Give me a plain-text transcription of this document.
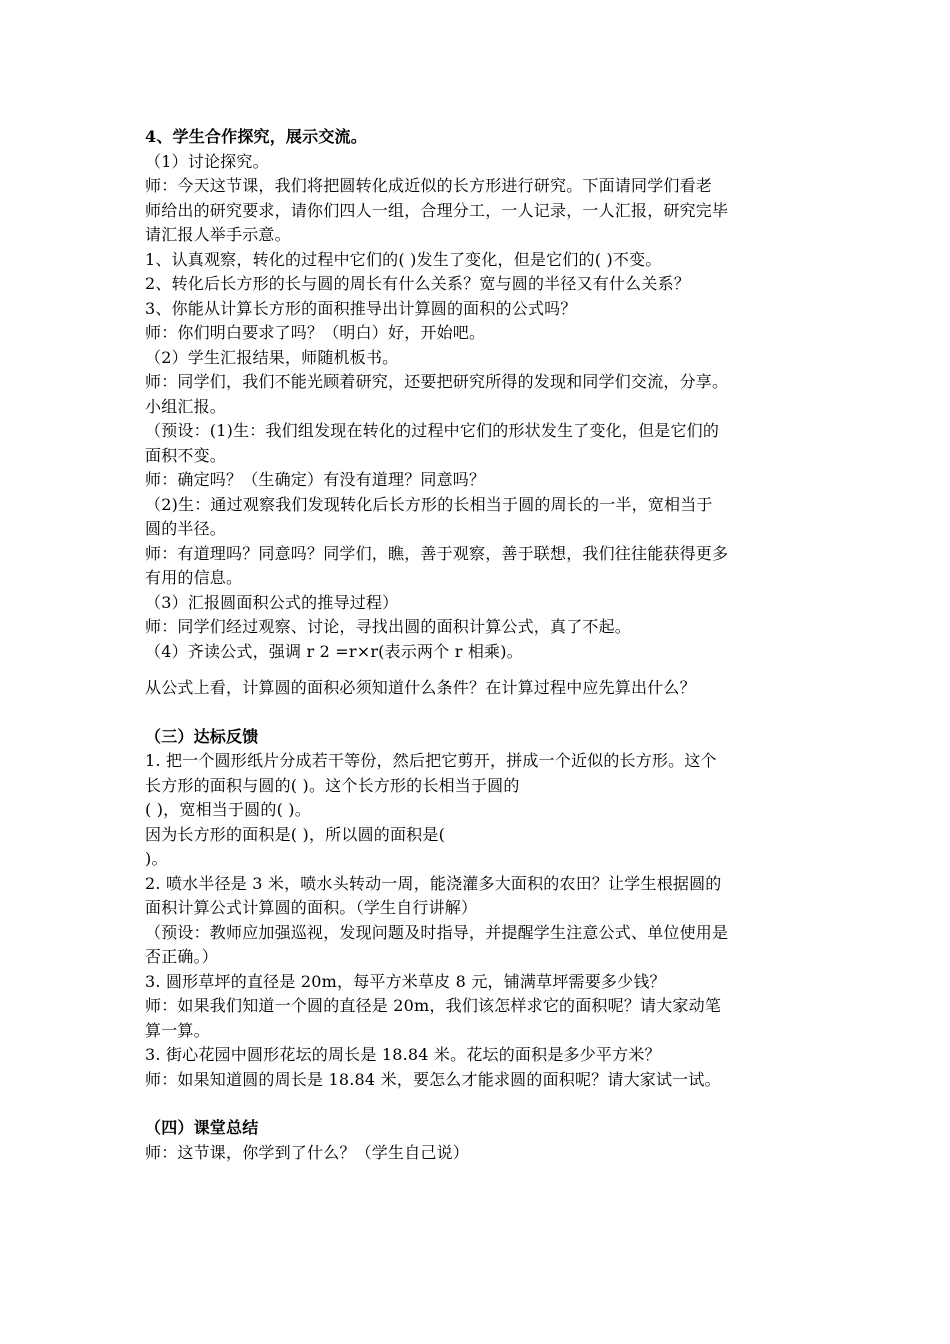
4、学生合作探究，展示交流。
（1）讨论探究。
师：今天这节课，我们将把圆转化成近似的长方形进行研究。下面请同学们看老
师给出的研究要求，请你们四人一组，合理分工，一人记录，一人汇报，研究完毕
请汇报人举手示意。
1、认真观察，转化的过程中它们的( )发生了变化，但是它们的( )不变。
2、转化后长方形的长与圆的周长有什么关系？宽与圆的半径又有什么关系？
3、你能从计算长方形的面积推导出计算圆的面积的公式吗？
师：你们明白要求了吗？（明白）好，开始吧。
（2）学生汇报结果，师随机板书。
师：同学们，我们不能光顾着研究，还要把研究所得的发现和同学们交流，分享。
小组汇报。
（预设：(1)生：我们组发现在转化的过程中它们的形状发生了变化，但是它们的
面积不变。
师：确定吗？（生确定）有没有道理？同意吗？
（2)生：通过观察我们发现转化后长方形的长相当于圆的周长的一半，宽相当于
圆的半径。
师：有道理吗？同意吗？同学们，瞧，善于观察，善于联想，我们往往能获得更多
有用的信息。
（3）汇报圆面积公式的推导过程）
师：同学们经过观察、讨论，寻找出圆的面积计算公式，真了不起。
（4）齐读公式，强调 r 2 =r×r(表示两个 r 相乘)。
从公式上看，计算圆的面积必须知道什么条件？在计算过程中应先算出什么？
（三）达标反馈
1. 把一个圆形纸片分成若干等份，然后把它剪开，拼成一个近似的长方形。这个
长方形的面积与圆的( )。这个长方形的长相当于圆的
( )，宽相当于圆的( )。
因为长方形的面积是( )，所以圆的面积是(
)。
2. 喷水半径是 3 米，喷水头转动一周，能浇灌多大面积的农田？让学生根据圆的
面积计算公式计算圆的面积。（学生自行讲解）
（预设：教师应加强巡视，发现问题及时指导，并提醒学生注意公式、单位使用是
否正确。）
3. 圆形草坪的直径是 20m，每平方米草皮 8 元，铺满草坪需要多少钱？
师：如果我们知道一个圆的直径是 20m，我们该怎样求它的面积呢？请大家动笔
算一算。
3. 街心花园中圆形花坛的周长是 18.84 米。花坛的面积是多少平方米？
师：如果知道圆的周长是 18.84 米，要怎么才能求圆的面积呢？请大家试一试。
（四）课堂总结
师：这节课，你学到了什么？（学生自己说）
